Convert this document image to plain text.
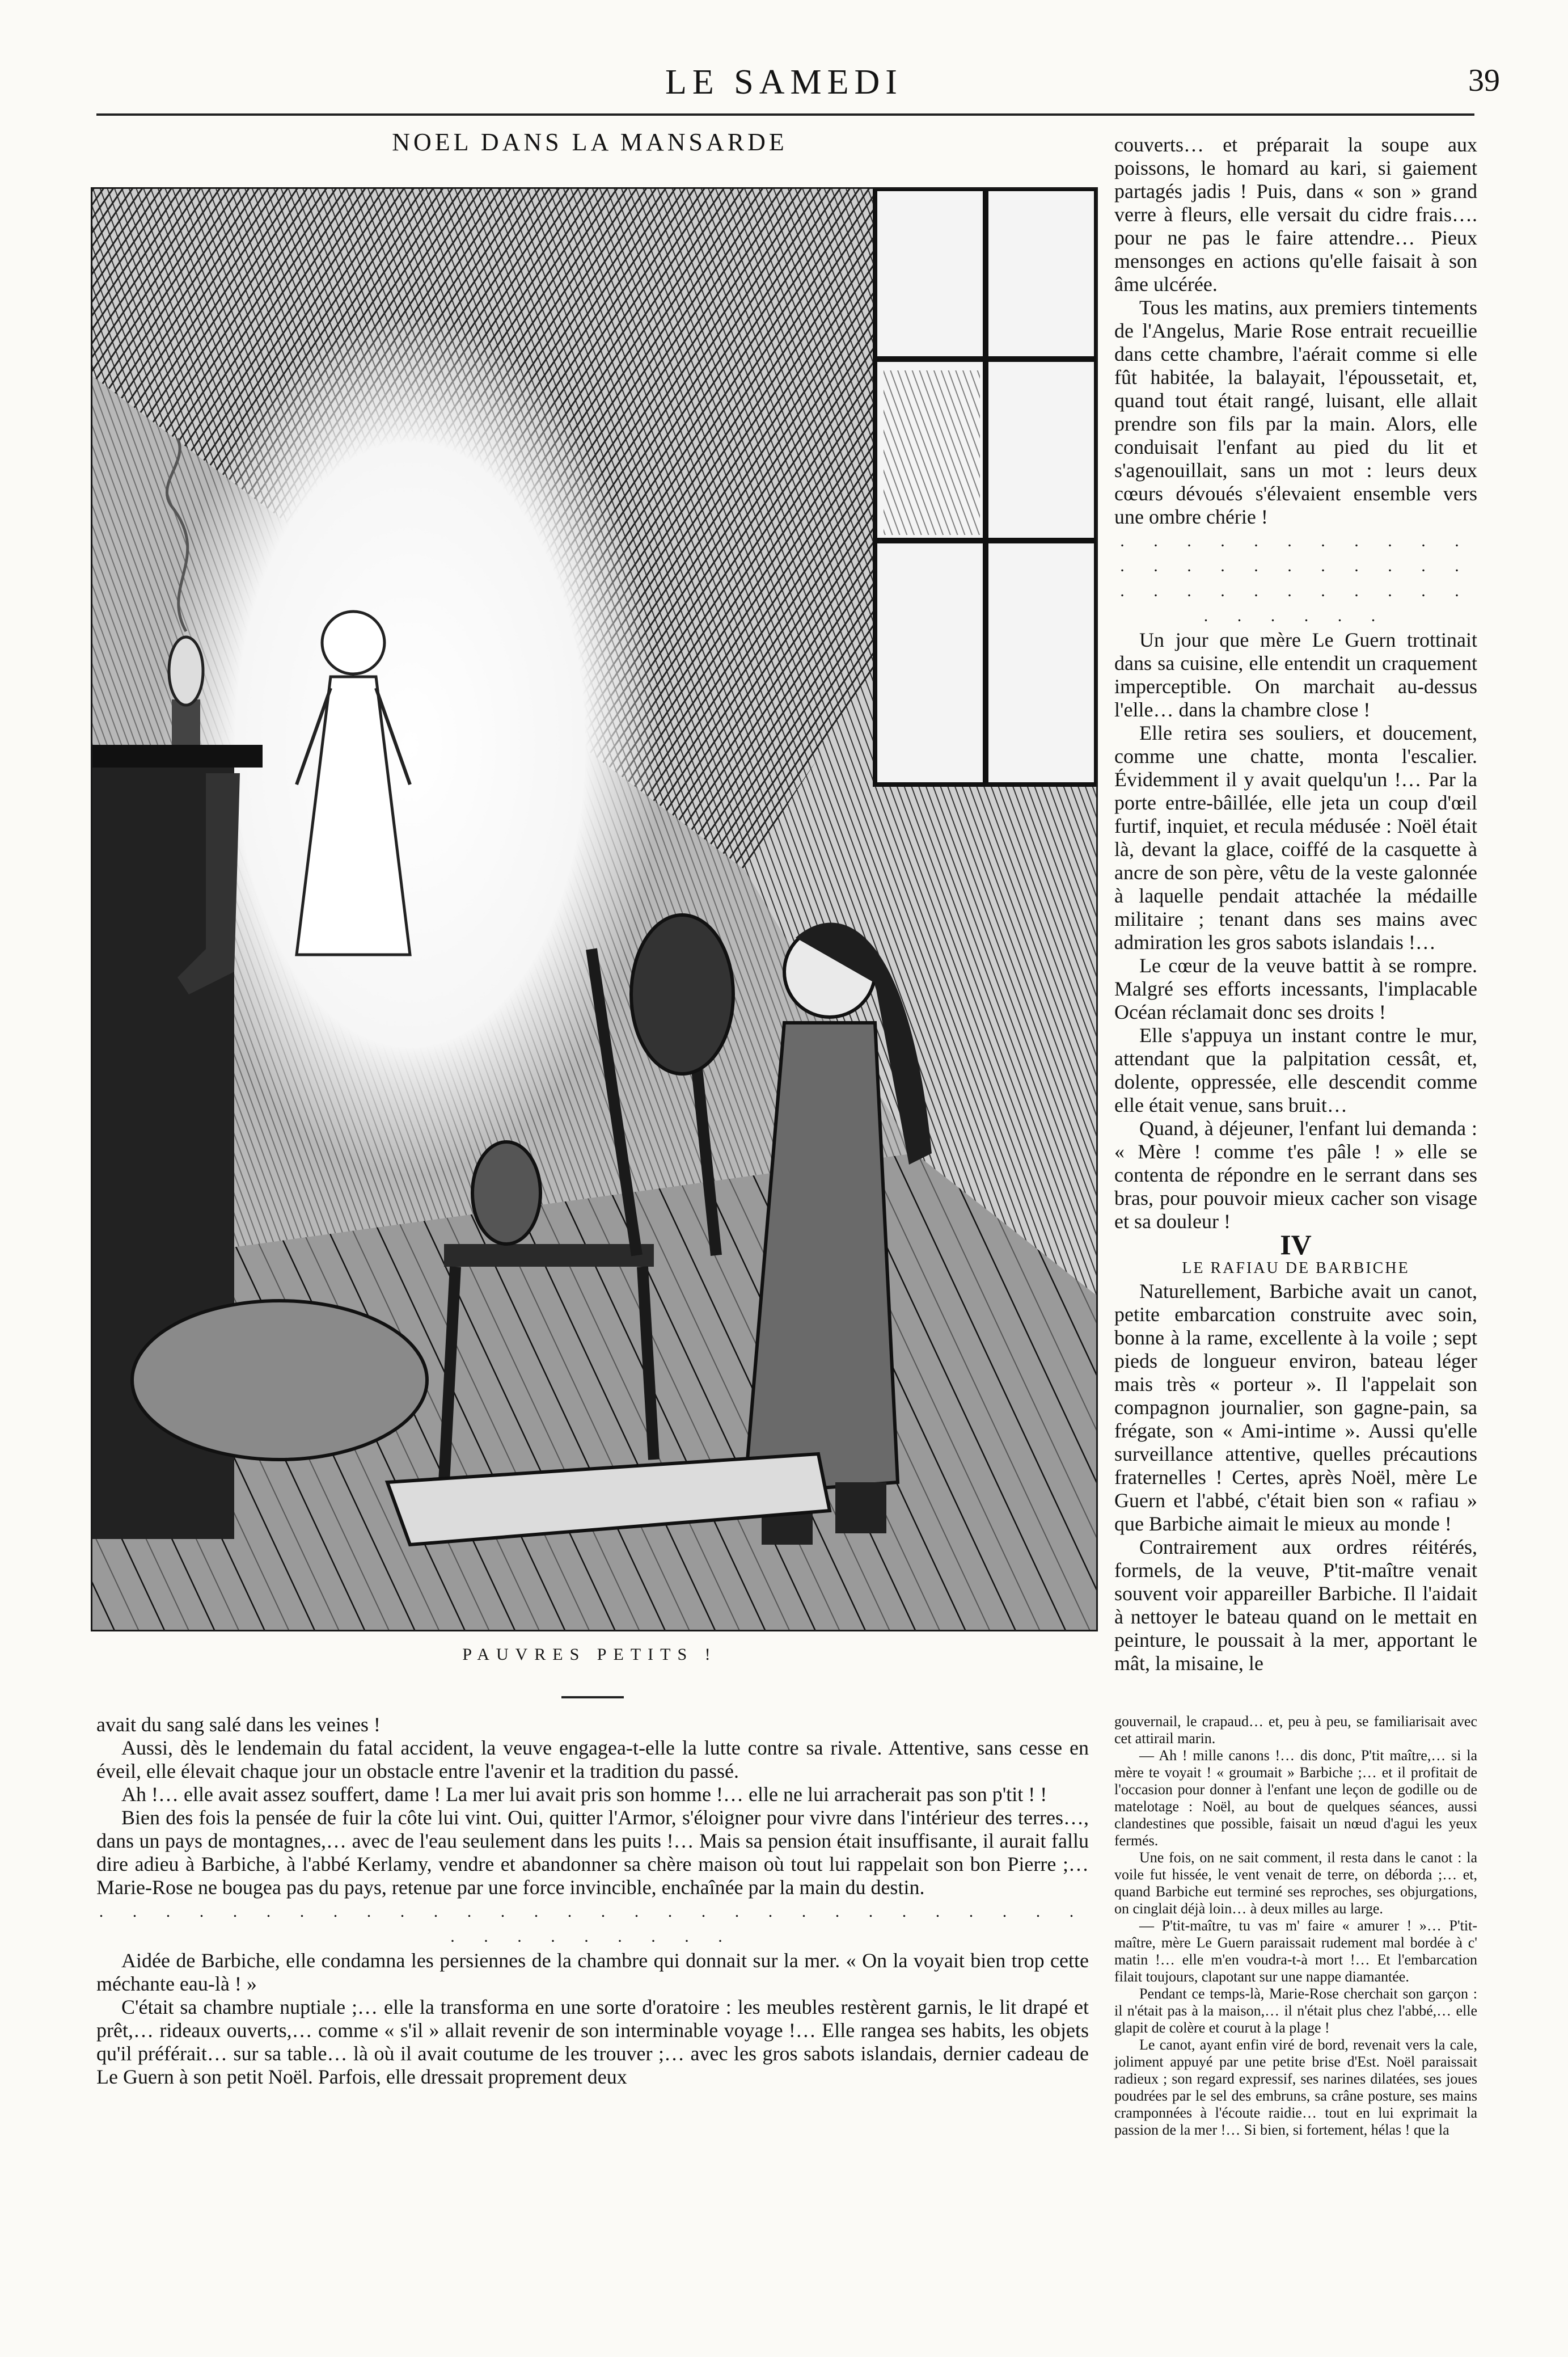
LE SAMEDI	39
NOEL DANS LA MANSARDE
PAUVRES PETITS !

couverts… et préparait la soupe aux poissons, le homard au kari, si gaiement partagés jadis ! Puis, dans « son » grand verre à fleurs, elle versait du cidre frais…. pour ne pas le faire attendre… Pieux mensonges en actions qu'elle faisait à son âme ulcérée.

Tous les matins, aux premiers tintements de l'Angelus, Marie Rose entrait recueillie dans cette chambre, l'aérait comme si elle fût habitée, la balayait, l'époussetait, et, quand tout était rangé, luisant, elle allait prendre son fils par la main. Alors, elle conduisait l'enfant au pied du lit et s'agenouillait, sans un mot : leurs deux cœurs dévoués s'élevaient ensemble vers une ombre chérie !

. . . . . . . . . . . . . . . . . . . . . . . . . . . . . . . . . . . . . . .

Un jour que mère Le Guern trottinait dans sa cuisine, elle entendit un craquement imperceptible. On marchait au-dessus l'elle… dans la chambre close !

Elle retira ses souliers, et doucement, comme une chatte, monta l'escalier. Évidemment il y avait quelqu'un !… Par la porte entre-bâillée, elle jeta un coup d'œil furtif, inquiet, et recula médusée : Noël était là, devant la glace, coiffé de la casquette à ancre de son père, vêtu de la veste galonnée à laquelle pendait attachée la médaille militaire ; tenant dans ses mains avec admiration les gros sabots islandais !…

Le cœur de la veuve battit à se rompre. Malgré ses efforts incessants, l'implacable Océan réclamait donc ses droits !

Elle s'appuya un instant contre le mur, attendant que la palpitation cessât, et, dolente, oppressée, elle descendit comme elle était venue, sans bruit…

Quand, à déjeuner, l'enfant lui demanda : « Mère ! comme t'es pâle ! » elle se contenta de répondre en le serrant dans ses bras, pour pouvoir mieux cacher son visage et sa douleur !

IV

LE RAFIAU DE BARBICHE

Naturellement, Barbiche avait un canot, petite embarcation construite avec soin, bonne à la rame, excellente à la voile ; sept pieds de longueur environ, bateau léger mais très « porteur ». Il l'appelait son compagnon journalier, son gagne-pain, sa frégate, son « Ami-intime ». Aussi qu'elle surveillance attentive, quelles précautions fraternelles ! Certes, après Noël, mère Le Guern et l'abbé, c'était bien son « rafiau » que Barbiche aimait le mieux au monde !

Contrairement aux ordres réitérés, formels, de la veuve, P'tit-maître venait souvent voir appareiller Barbiche. Il l'aidait à nettoyer le bateau quand on le mettait en peinture, le poussait à la mer, apportant le mât, la misaine, le

avait du sang salé dans les veines !

Aussi, dès le lendemain du fatal accident, la veuve engagea-t-elle la lutte contre sa rivale. Attentive, sans cesse en éveil, elle élevait chaque jour un obstacle entre l'avenir et la tradition du passé.

Ah !… elle avait assez souffert, dame ! La mer lui avait pris son homme !… elle ne lui arracherait pas son p'tit ! !

Bien des fois la pensée de fuir la côte lui vint. Oui, quitter l'Armor, s'éloigner pour vivre dans l'intérieur des terres…, dans un pays de montagnes,… avec de l'eau seulement dans les puits !… Mais sa pension était insuffisante, il aurait fallu dire adieu à Barbiche, à l'abbé Kerlamy, vendre et abandonner sa chère maison où tout lui rappelait son bon Pierre ;… Marie-Rose ne bougea pas du pays, retenue par une force invincible, enchaînée par la main du destin.

. . . . . . . . . . . . . . . . . . . . . . . . . . . . . . . . . . . . . . .

Aidée de Barbiche, elle condamna les persiennes de la chambre qui donnait sur la mer. « On la voyait bien trop cette méchante eau-là ! »

C'était sa chambre nuptiale ;… elle la transforma en une sorte d'oratoire : les meubles restèrent garnis, le lit drapé et prêt,… rideaux ouverts,… comme « s'il » allait revenir de son interminable voyage !… Elle rangea ses habits, les objets qu'il préférait… sur sa table… là où il avait coutume de les trouver ;… avec les gros sabots islandais, dernier cadeau de Le Guern à son petit Noël. Parfois, elle dressait proprement deux

gouvernail, le crapaud… et, peu à peu, se familiarisait avec cet attirail marin.

— Ah ! mille canons !… dis donc, P'tit maître,… si la mère te voyait ! « groumait » Barbiche ;… et il profitait de l'occasion pour donner à l'enfant une leçon de godille ou de matelotage : Noël, au bout de quelques séances, aussi clandestines que possible, faisait un nœud d'agui les yeux fermés.

Une fois, on ne sait comment, il resta dans le canot : la voile fut hissée, le vent venait de terre, on déborda ;… et, quand Barbiche eut terminé ses reproches, ses objurgations, on cinglait déjà loin… à deux milles au large.

— P'tit-maître, tu vas m' faire « amurer ! »… P'tit-maître, mère Le Guern paraissait rudement mal bordée à c' matin !… elle m'en voudra-t-à mort !… Et l'embarcation filait toujours, clapotant sur une nappe diamantée.

Pendant ce temps-là, Marie-Rose cherchait son garçon : il n'était pas à la maison,… il n'était plus chez l'abbé,… elle glapit de colère et courut à la plage !

Le canot, ayant enfin viré de bord, revenait vers la cale, joliment appuyé par une petite brise d'Est. Noël paraissait radieux ; son regard expressif, ses narines dilatées, ses joues poudrées par le sel des embruns, sa crâne posture, ses mains cramponnées à l'écoute raidie… tout en lui exprimait la passion de la mer !… Si bien, si fortement, hélas ! que la
